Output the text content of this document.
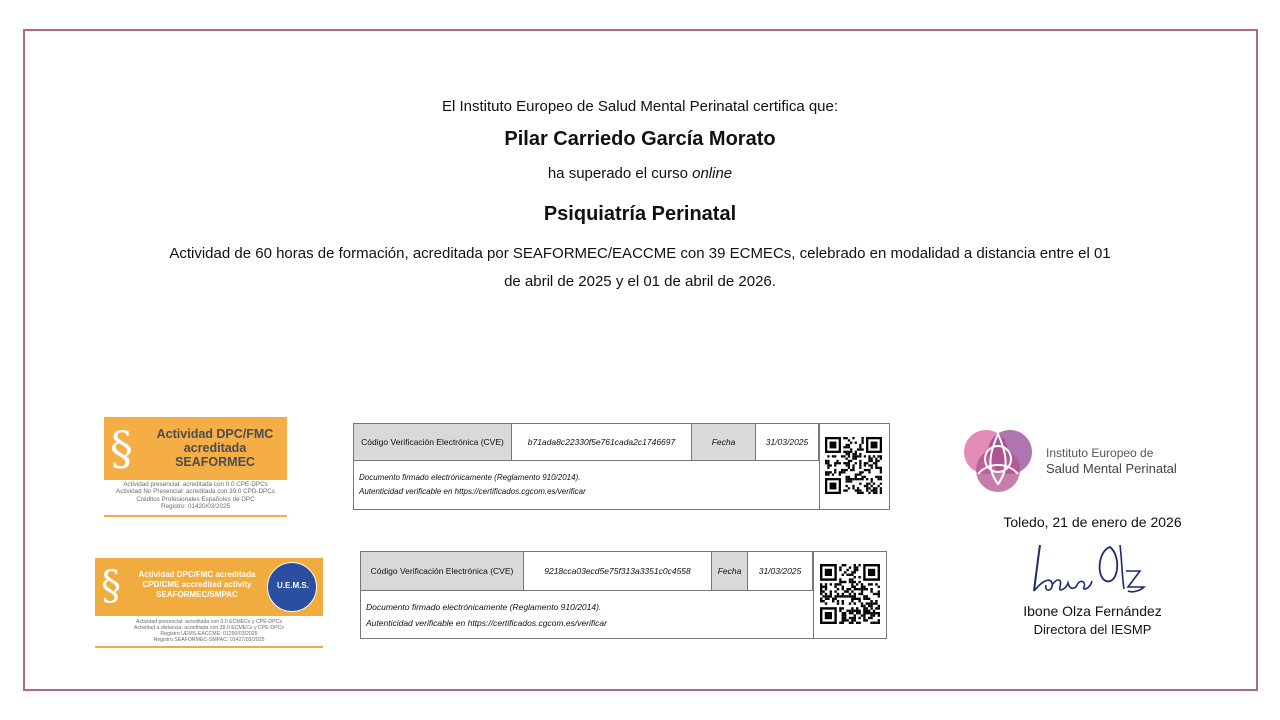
El Instituto Europeo de Salud Mental Perinatal certifica que:
Pilar Carriedo García Morato
ha superado el curso online
Psiquiatría Perinatal
Actividad de 60 horas de formación, acreditada por SEAFORMEC/EACCME con 39 ECMECs, celebrado en modalidad a distancia entre el 01
de abril de 2025 y el 01 de abril de 2026.
§	Actividad DPC/FMC
acreditada
SEAFORMEC
Actividad presencial: acreditada con 0.0 CPE-DPCs
Actividad No Presencial: acreditada con 39.0 CPD-DPCs
Créditos Profesionales Españoles de DPC
Registro: 01420/03/2025
§	Actividad DPC/FMC acreditada
CPD/CME accredited activity
SEAFORMEC/SMPAC
U.E.M.S.
Actividad presencial: acreditada con 0.0 ECMECs y CPE-DPCs
Actividad a distancia: acreditada con 39.0 ECMECs y CPE-DPCs
Registro UEMS-EACCME: 01290/03/2025
Registro SEAFORMEC-SMPAC: 01427/03/2025
Código Verificación Electrónica (CVE)	b71ada8c22330f5e761cada2c1746697	Fecha	31/03/2025
Documento firmado electrónicamente (Reglamento 910/2014).
Autenticidad verificable en https://certificados.cgcom.es/verificar
Código Verificación Electrónica (CVE)	9218cca03ecd5e75f313a3351c0c4558	Fecha	31/03/2025
Documento firmado electrónicamente (Reglamento 910/2014).
Autenticidad verificable en https://certificados.cgcom.es/verificar
Instituto Europeo de
Salud Mental Perinatal
Toledo, 21 de enero de 2026
Ibone Olza Fernández
Directora del IESMP
